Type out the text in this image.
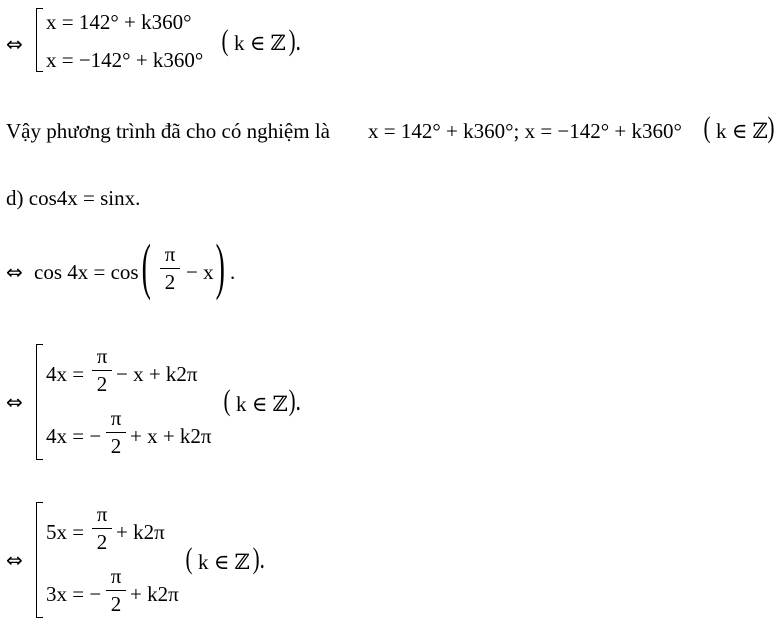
⇔
x = 142° + k360°
x = −142° + k360°
( k ∈ ℤ ).
Vậy phương trình đã cho có nghiệm là x = 142° + k360°; x = −142° + k360° ( k ∈ ℤ )
d) cos4x = sinx.
⇔ cos 4x = cos ( π
2 − x ) .
⇔
4x =
π
2 − x + k2π
4x = −
π
2 + x + k2π
( k ∈ ℤ ).
⇔
5x =
π
2 + k2π
3x = −
π
2 + k2π
( k ∈ ℤ ).
